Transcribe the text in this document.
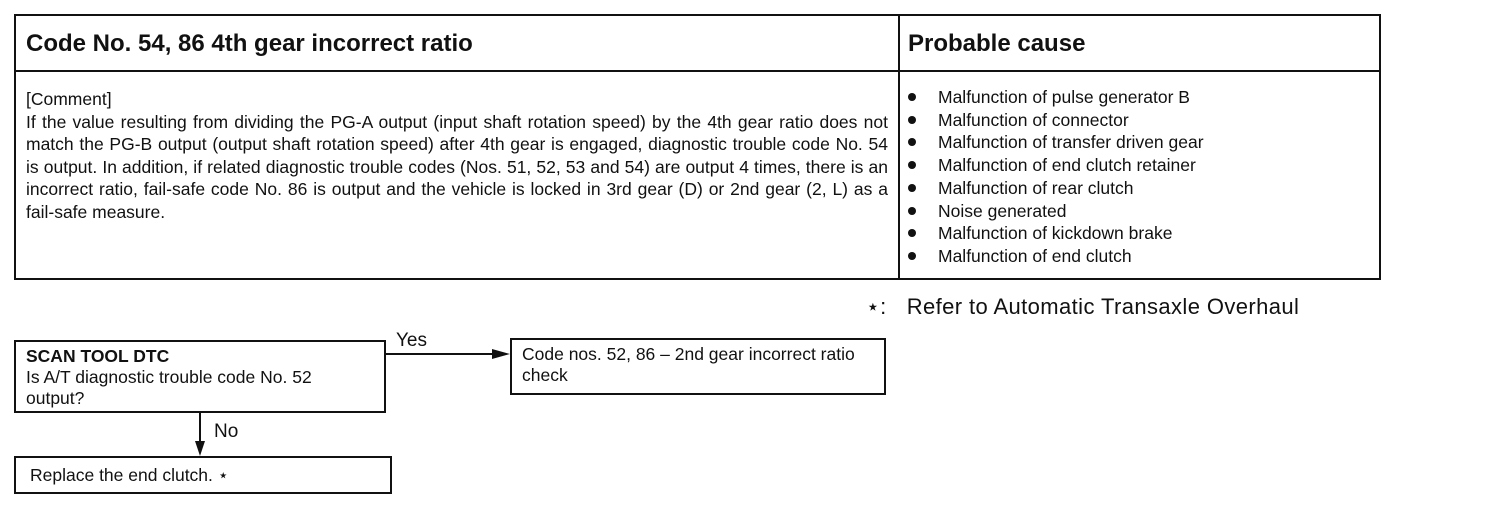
Code No. 54, 86 4th gear incorrect ratio	Probable cause
[Comment]
If the value resulting from dividing the PG-A output (input shaft rotation speed) by the 4th gear ratio does not match the PG-B output (output shaft rotation speed) after 4th gear is engaged, diagnostic trouble code No. 54 is output. In addition, if related diagnostic trouble codes (Nos. 51, 52, 53 and 54) are output 4 times, there is an incorrect ratio, fail-safe code No. 86 is output and the vehicle is locked in 3rd gear (D) or 2nd gear (2, L) as a fail-safe measure.
Malfunction of pulse generator B
Malfunction of connector
Malfunction of transfer driven gear
Malfunction of end clutch retainer
Malfunction of rear clutch
Noise generated
Malfunction of kickdown brake
Malfunction of end clutch
⋆: Refer to Automatic Transaxle Overhaul
Yes
No
SCAN TOOL DTC
Is A/T diagnostic trouble code No. 52 output?
Code nos. 52, 86 – 2nd gear incorrect ratio check
Replace the end clutch. ⋆
